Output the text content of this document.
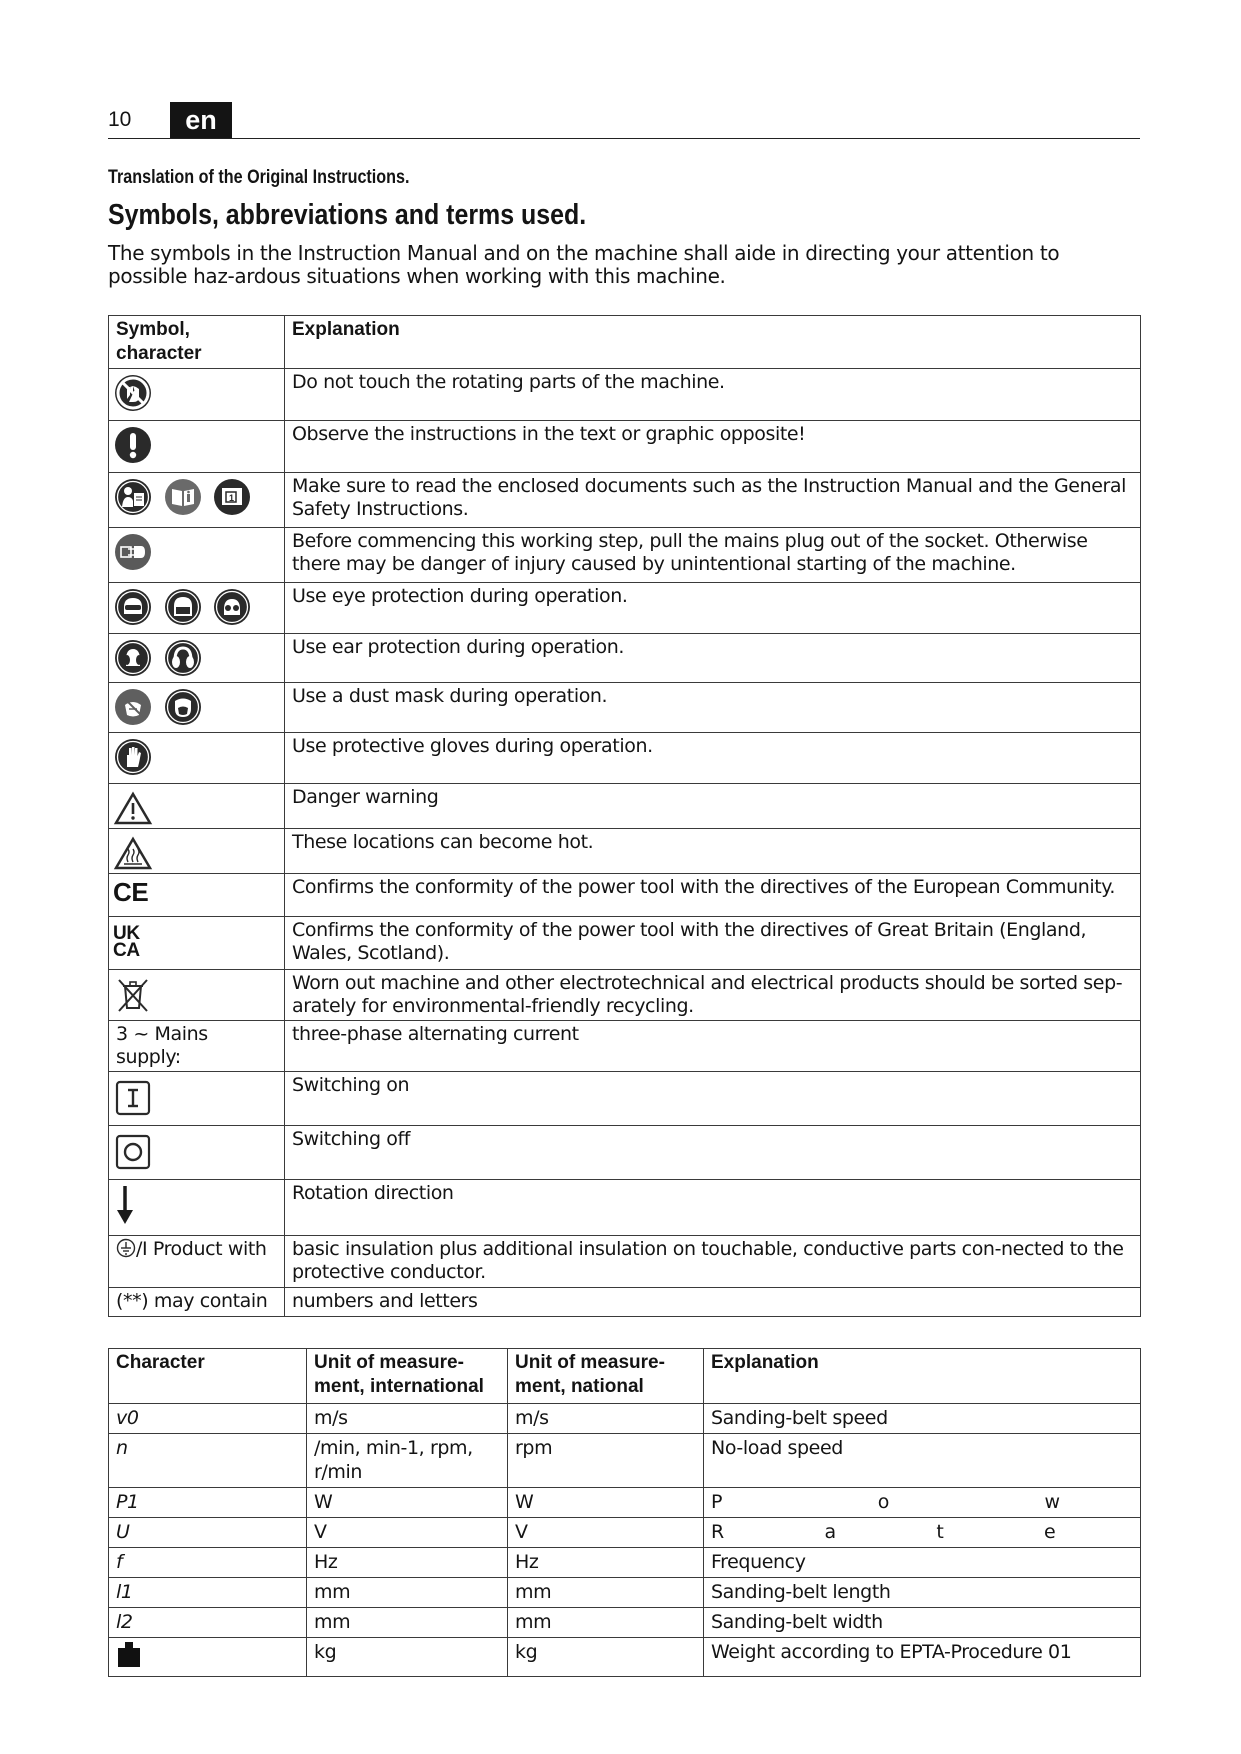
10	en
Translation of the Original Instructions.
Symbols, abbreviations and terms used.
The symbols in the Instruction Manual and on the machine shall aide in directing your attention to possible haz-ardous situations when working with this machine.
Symbol, character	Explanation

	Do not touch the rotating parts of the machine.

	Observe the instructions in the text or graphic opposite!

1	Make sure to read the enclosed documents such as the Instruction Manual and the General Safety Instructions.

	Before commencing this working step, pull the mains plug out of the socket. Otherwise there may be danger of injury caused by unintentional starting of the machine.

	Use eye protection during operation.

	Use ear protection during operation.

	Use a dust mask during operation.

	Use protective gloves during operation.

	Danger warning

	These locations can become hot.
CE	Confirms the conformity of the power tool with the directives of the European Community.
UK
CA	Confirms the conformity of the power tool with the directives of Great Britain (England, Wales, Scotland).

	Worn out machine and other electrotechnical and electrical products should be sorted sep-arately for environmental-friendly recycling.
3 ~ Mains supply:	three-phase alternating current

	Switching on

	Switching off

	Rotation direction
/I Product with	basic insulation plus additional insulation on touchable, conductive parts con-nected to the protective conductor.
(**) may contain	numbers and letters
Character	Unit of measure-ment, international	Unit of measure-ment, national	Explanation
v0	m/s	m/s	Sanding-belt speed
n	/min, min-1, rpm, r/min	rpm	No-load speed
P1	W	W	P o w
U	V	V	R a t e
f	Hz	Hz	Frequency
l1	mm	mm	Sanding-belt length
l2	mm	mm	Sanding-belt width
	kg	kg	Weight according to EPTA-Procedure 01
